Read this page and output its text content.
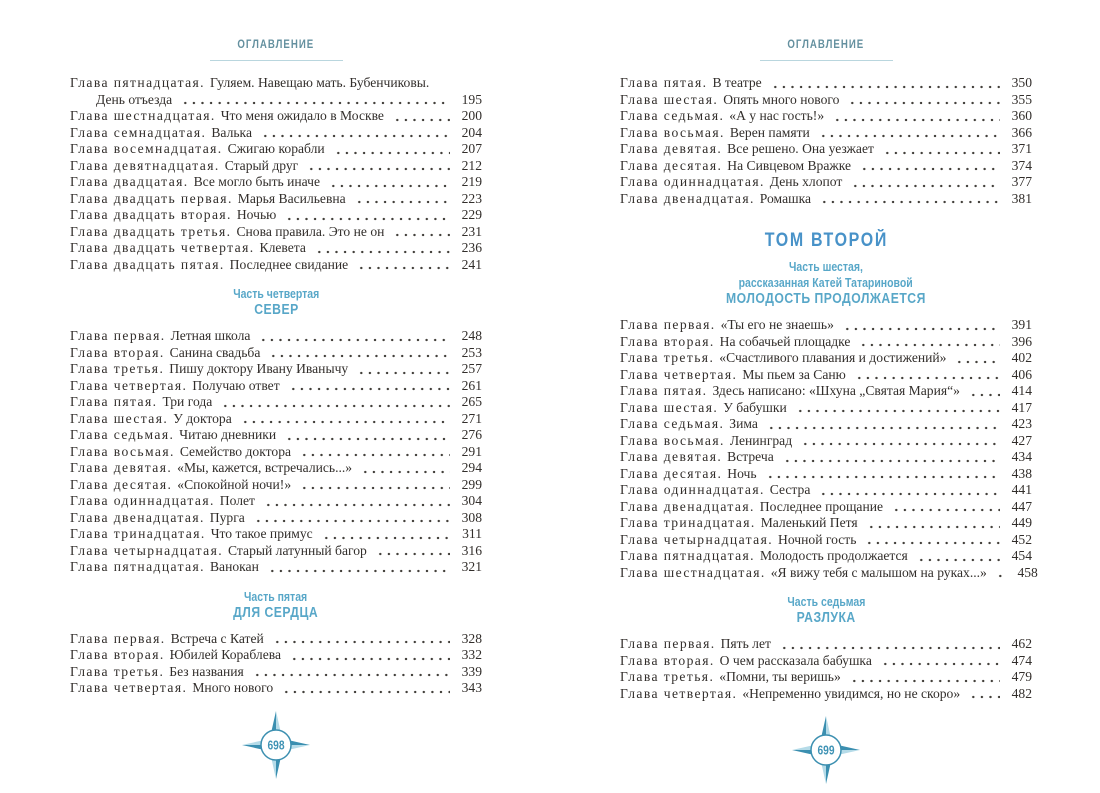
ОГЛАВЛЕНИЕ
Глава пятнадцатая. Гуляем. Навещаю мать. Бубенчиковы.
День отъезда	195
Глава шестнадцатая. Что меня ожидало в Москве	200
Глава семнадцатая. Валька	204
Глава восемнадцатая. Сжигаю корабли	207
Глава девятнадцатая. Старый друг	212
Глава двадцатая. Все могло быть иначе	219
Глава двадцать первая. Марья Васильевна	223
Глава двадцать вторая. Ночью	229
Глава двадцать третья. Снова правила. Это не он	231
Глава двадцать четвертая. Клевета	236
Глава двадцать пятая. Последнее свидание	241
Часть четвертая
СЕВЕР
Глава первая. Летная школа	248
Глава вторая. Санина свадьба	253
Глава третья. Пишу доктору Ивану Иванычу	257
Глава четвертая. Получаю ответ	261
Глава пятая. Три года	265
Глава шестая. У доктора	271
Глава седьмая. Читаю дневники	276
Глава восьмая. Семейство доктора	291
Глава девятая. «Мы, кажется, встречались...»	294
Глава десятая. «Спокойной ночи!»	299
Глава одиннадцатая. Полет	304
Глава двенадцатая. Пурга	308
Глава тринадцатая. Что такое примус	311
Глава четырнадцатая. Старый латунный багор	316
Глава пятнадцатая. Ванокан	321
Часть пятая
ДЛЯ СЕРДЦА
Глава первая. Встреча с Катей	328
Глава вторая. Юбилей Кораблева	332
Глава третья. Без названия	339
Глава четвертая. Много нового	343
698
ОГЛАВЛЕНИЕ
Глава пятая. В театре	350
Глава шестая. Опять много нового	355
Глава седьмая. «А у нас гость!»	360
Глава восьмая. Верен памяти	366
Глава девятая. Все решено. Она уезжает	371
Глава десятая. На Сивцевом Вражке	374
Глава одиннадцатая. День хлопот	377
Глава двенадцатая. Ромашка	381
ТОМ ВТОРОЙ
Часть шестая,
рассказанная Катей Татариновой
МОЛОДОСТЬ ПРОДОЛЖАЕТСЯ
Глава первая. «Ты его не знаешь»	391
Глава вторая. На собачьей площадке	396
Глава третья. «Счастливого плавания и достижений»	402
Глава четвертая. Мы пьем за Саню	406
Глава пятая. Здесь написано: «Шхуна „Святая Мария“»	414
Глава шестая. У бабушки	417
Глава седьмая. Зима	423
Глава восьмая. Ленинград	427
Глава девятая. Встреча	434
Глава десятая. Ночь	438
Глава одиннадцатая. Сестра	441
Глава двенадцатая. Последнее прощание	447
Глава тринадцатая. Маленький Петя	449
Глава четырнадцатая. Ночной гость	452
Глава пятнадцатая. Молодость продолжается	454
Глава шестнадцатая. «Я вижу тебя с малышом на руках...»	458
Часть седьмая
РАЗЛУКА
Глава первая. Пять лет	462
Глава вторая. О чем рассказала бабушка	474
Глава третья. «Помни, ты веришь»	479
Глава четвертая. «Непременно увидимся, но не скоро»	482
699
